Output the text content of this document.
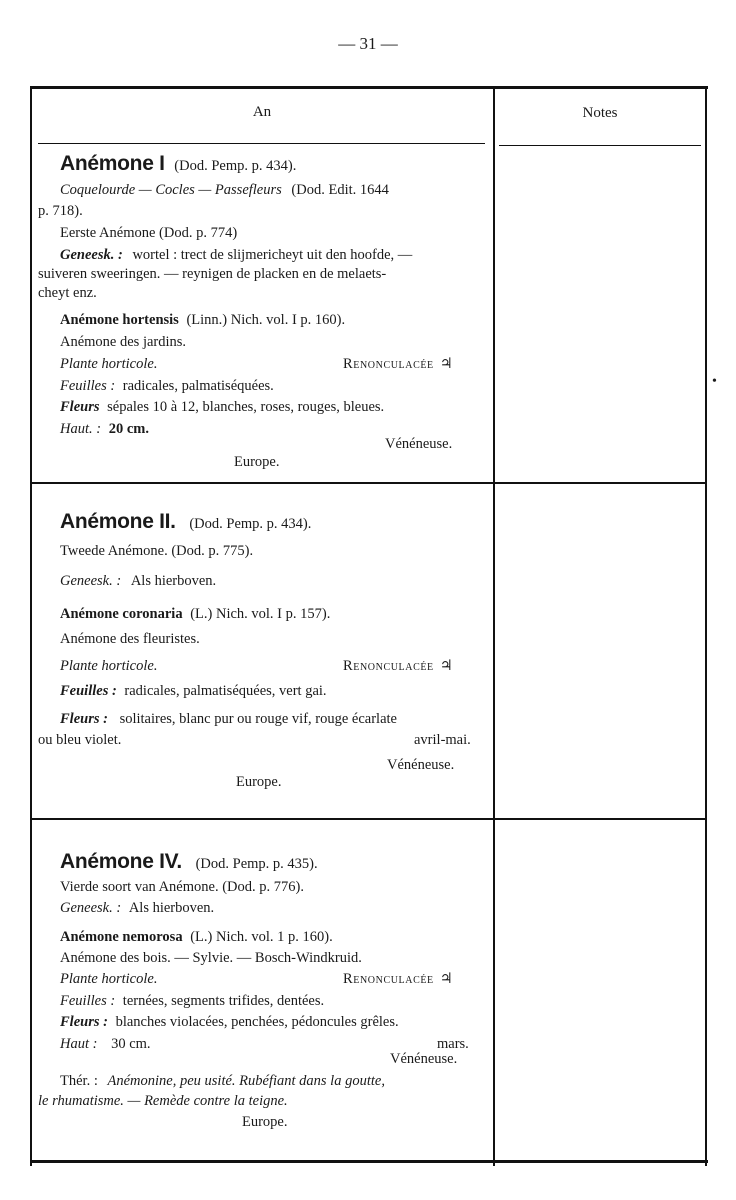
— 31 —
An	Notes
•
Anémone I (Dod. Pemp. p. 434).
Coquelourde — Cocles — Passefleurs (Dod. Edit. 1644
p. 718).
Eerste Anémone (Dod. p. 774)
Geneesk. : wortel : trect de slijmericheyt uit den hoofde, —
suiveren sweeringen. — reynigen de placken en de melaets-
cheyt enz.
Anémone hortensis (Linn.) Nich. vol. I p. 160).
Anémone des jardins.
Plante horticole.	Renonculacée ♃
Feuilles : radicales, palmatiséquées.
Fleurs sépales 10 à 12, blanches, roses, rouges, bleues.
Haut. : 20 cm.
Vénéneuse.
Europe.
Anémone II. (Dod. Pemp. p. 434).
Tweede Anémone. (Dod. p. 775).
Geneesk. : Als hierboven.
Anémone coronaria (L.) Nich. vol. I p. 157).
Anémone des fleuristes.
Plante horticole.	Renonculacée ♃
Feuilles : radicales, palmatiséquées, vert gai.
Fleurs : solitaires, blanc pur ou rouge vif, rouge écarlate
ou bleu violet.	avril-mai.
Vénéneuse.
Europe.
Anémone IV. (Dod. Pemp. p. 435).
Vierde soort van Anémone. (Dod. p. 776).
Geneesk. : Als hierboven.
Anémone nemorosa (L.) Nich. vol. 1 p. 160).
Anémone des bois. — Sylvie. — Bosch-Windkruid.
Plante horticole.	Renonculacée ♃
Feuilles : ternées, segments trifides, dentées.
Fleurs : blanches violacées, penchées, pédoncules grêles.
Haut : 30 cm.	mars.
Vénéneuse.
Thér. : Anémonine, peu usité. Rubéfiant dans la goutte,
le rhumatisme. — Remède contre la teigne.
Europe.
